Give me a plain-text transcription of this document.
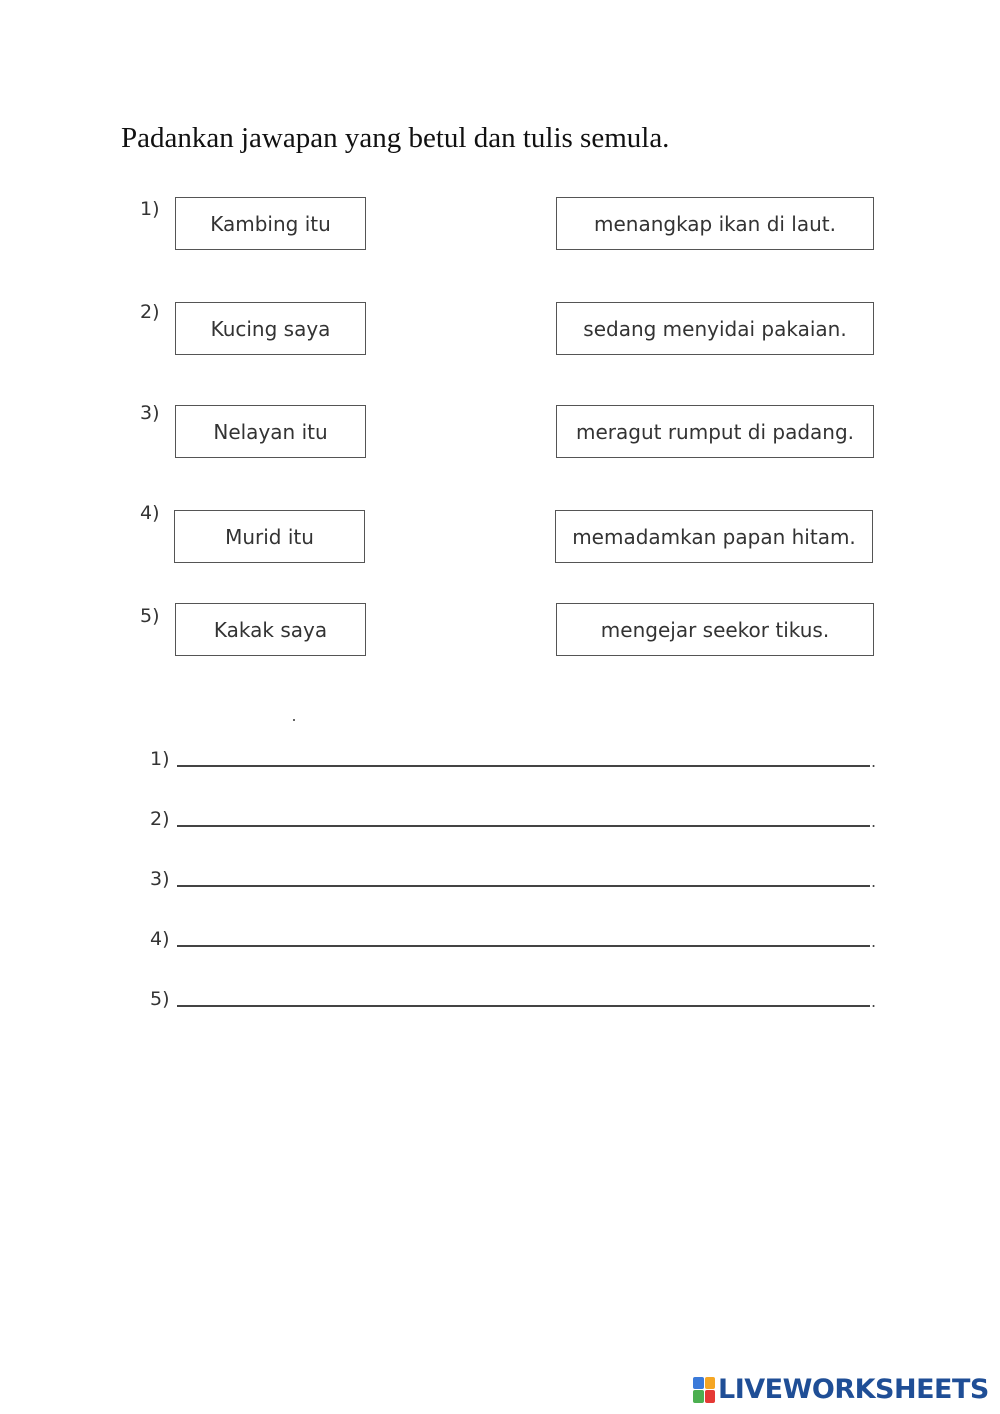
Padankan jawapan yang betul dan tulis semula.
1)
Kambing itu	menangkap ikan di laut.
2)
Kucing saya	sedang menyidai pakaian.
3)
Nelayan itu	meragut rumput di padang.
4)
Murid itu	memadamkan papan hitam.
5)
Kakak saya	mengejar seekor tikus.
1)	.
2)	.
3)	.
4)	.
5)	.
LIVEWORKSHEETS
